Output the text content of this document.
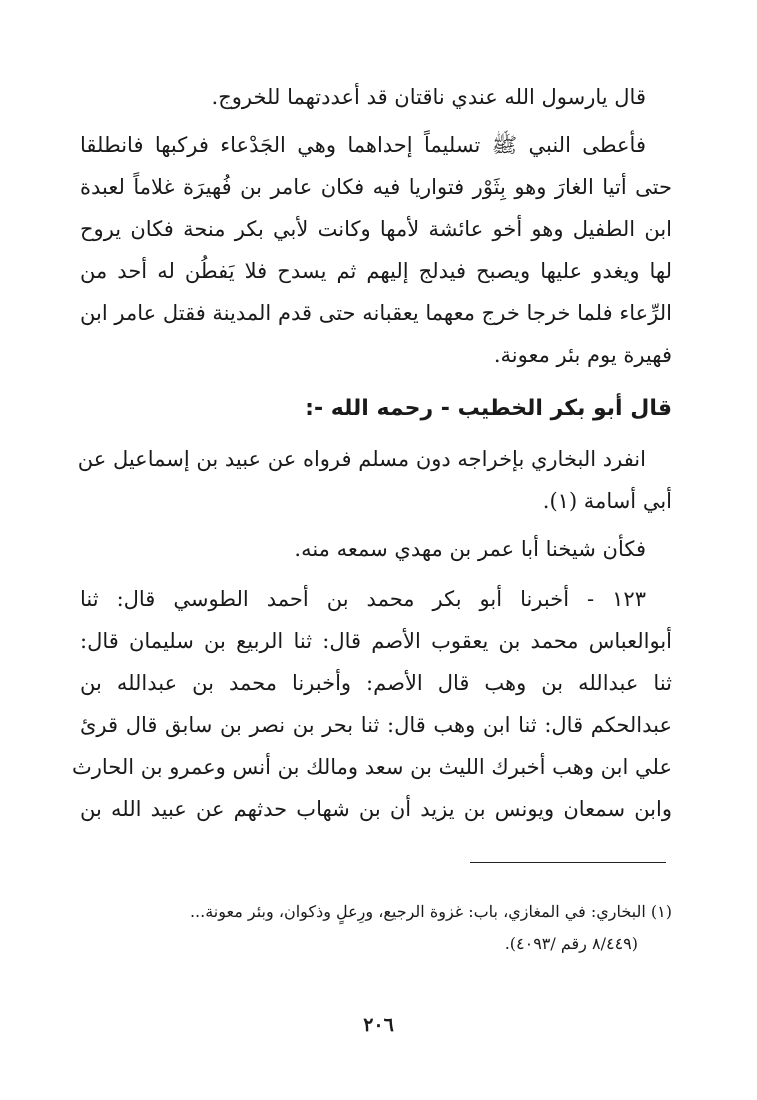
قال يارسول الله عندي ناقتان قد أعددتهما للخروج.
فأعطى النبي ﷺ تسليماً إحداهما وهي الجَدْعاء فركبها فانطلقا
حتى أتيا الغارَ وهو بِثَوْر فتواريا فيه فكان عامر بن فُهيرَة غلاماً لعبدة
ابن الطفيل وهو أخو عائشة لأمها وكانت لأبي بكر منحة فكان يروح
لها ويغدو عليها ويصبح فيدلج إليهم ثم يسدح فلا يَفطُن له أحد من
الرِّعاء فلما خرجا خرج معهما يعقبانه حتى قدم المدينة فقتل عامر ابن
فهيرة يوم بئر معونة.
قال أبو بكر الخطيب - رحمه الله -:
انفرد البخاري بإخراجه دون مسلم فرواه عن عبيد بن إسماعيل عن
أبي أسامة (١).
فكأن شيخنا أبا عمر بن مهدي سمعه منه.
١٢٣ - أخبرنا أبو بكر محمد بن أحمد الطوسي قال: ثنا
أبوالعباس محمد بن يعقوب الأصم قال: ثنا الربيع بن سليمان قال:
ثنا عبدالله بن وهب قال الأصم: وأخبرنا محمد بن عبدالله بن
عبدالحكم قال: ثنا ابن وهب قال: ثنا بحر بن نصر بن سابق قال قرئ
علي ابن وهب أخبرك الليث بن سعد ومالك بن أنس وعمرو بن الحارث
وابن سمعان ويونس بن يزيد أن بن شهاب حدثهم عن عبيد الله بن
(١) البخاري: في المغازي، باب: غزوة الرجيع، ورِعلٍ وذكوان، وبئر معونة...
(٨/٤٤٩ رقم /٤٠٩٣).
٢٠٦
